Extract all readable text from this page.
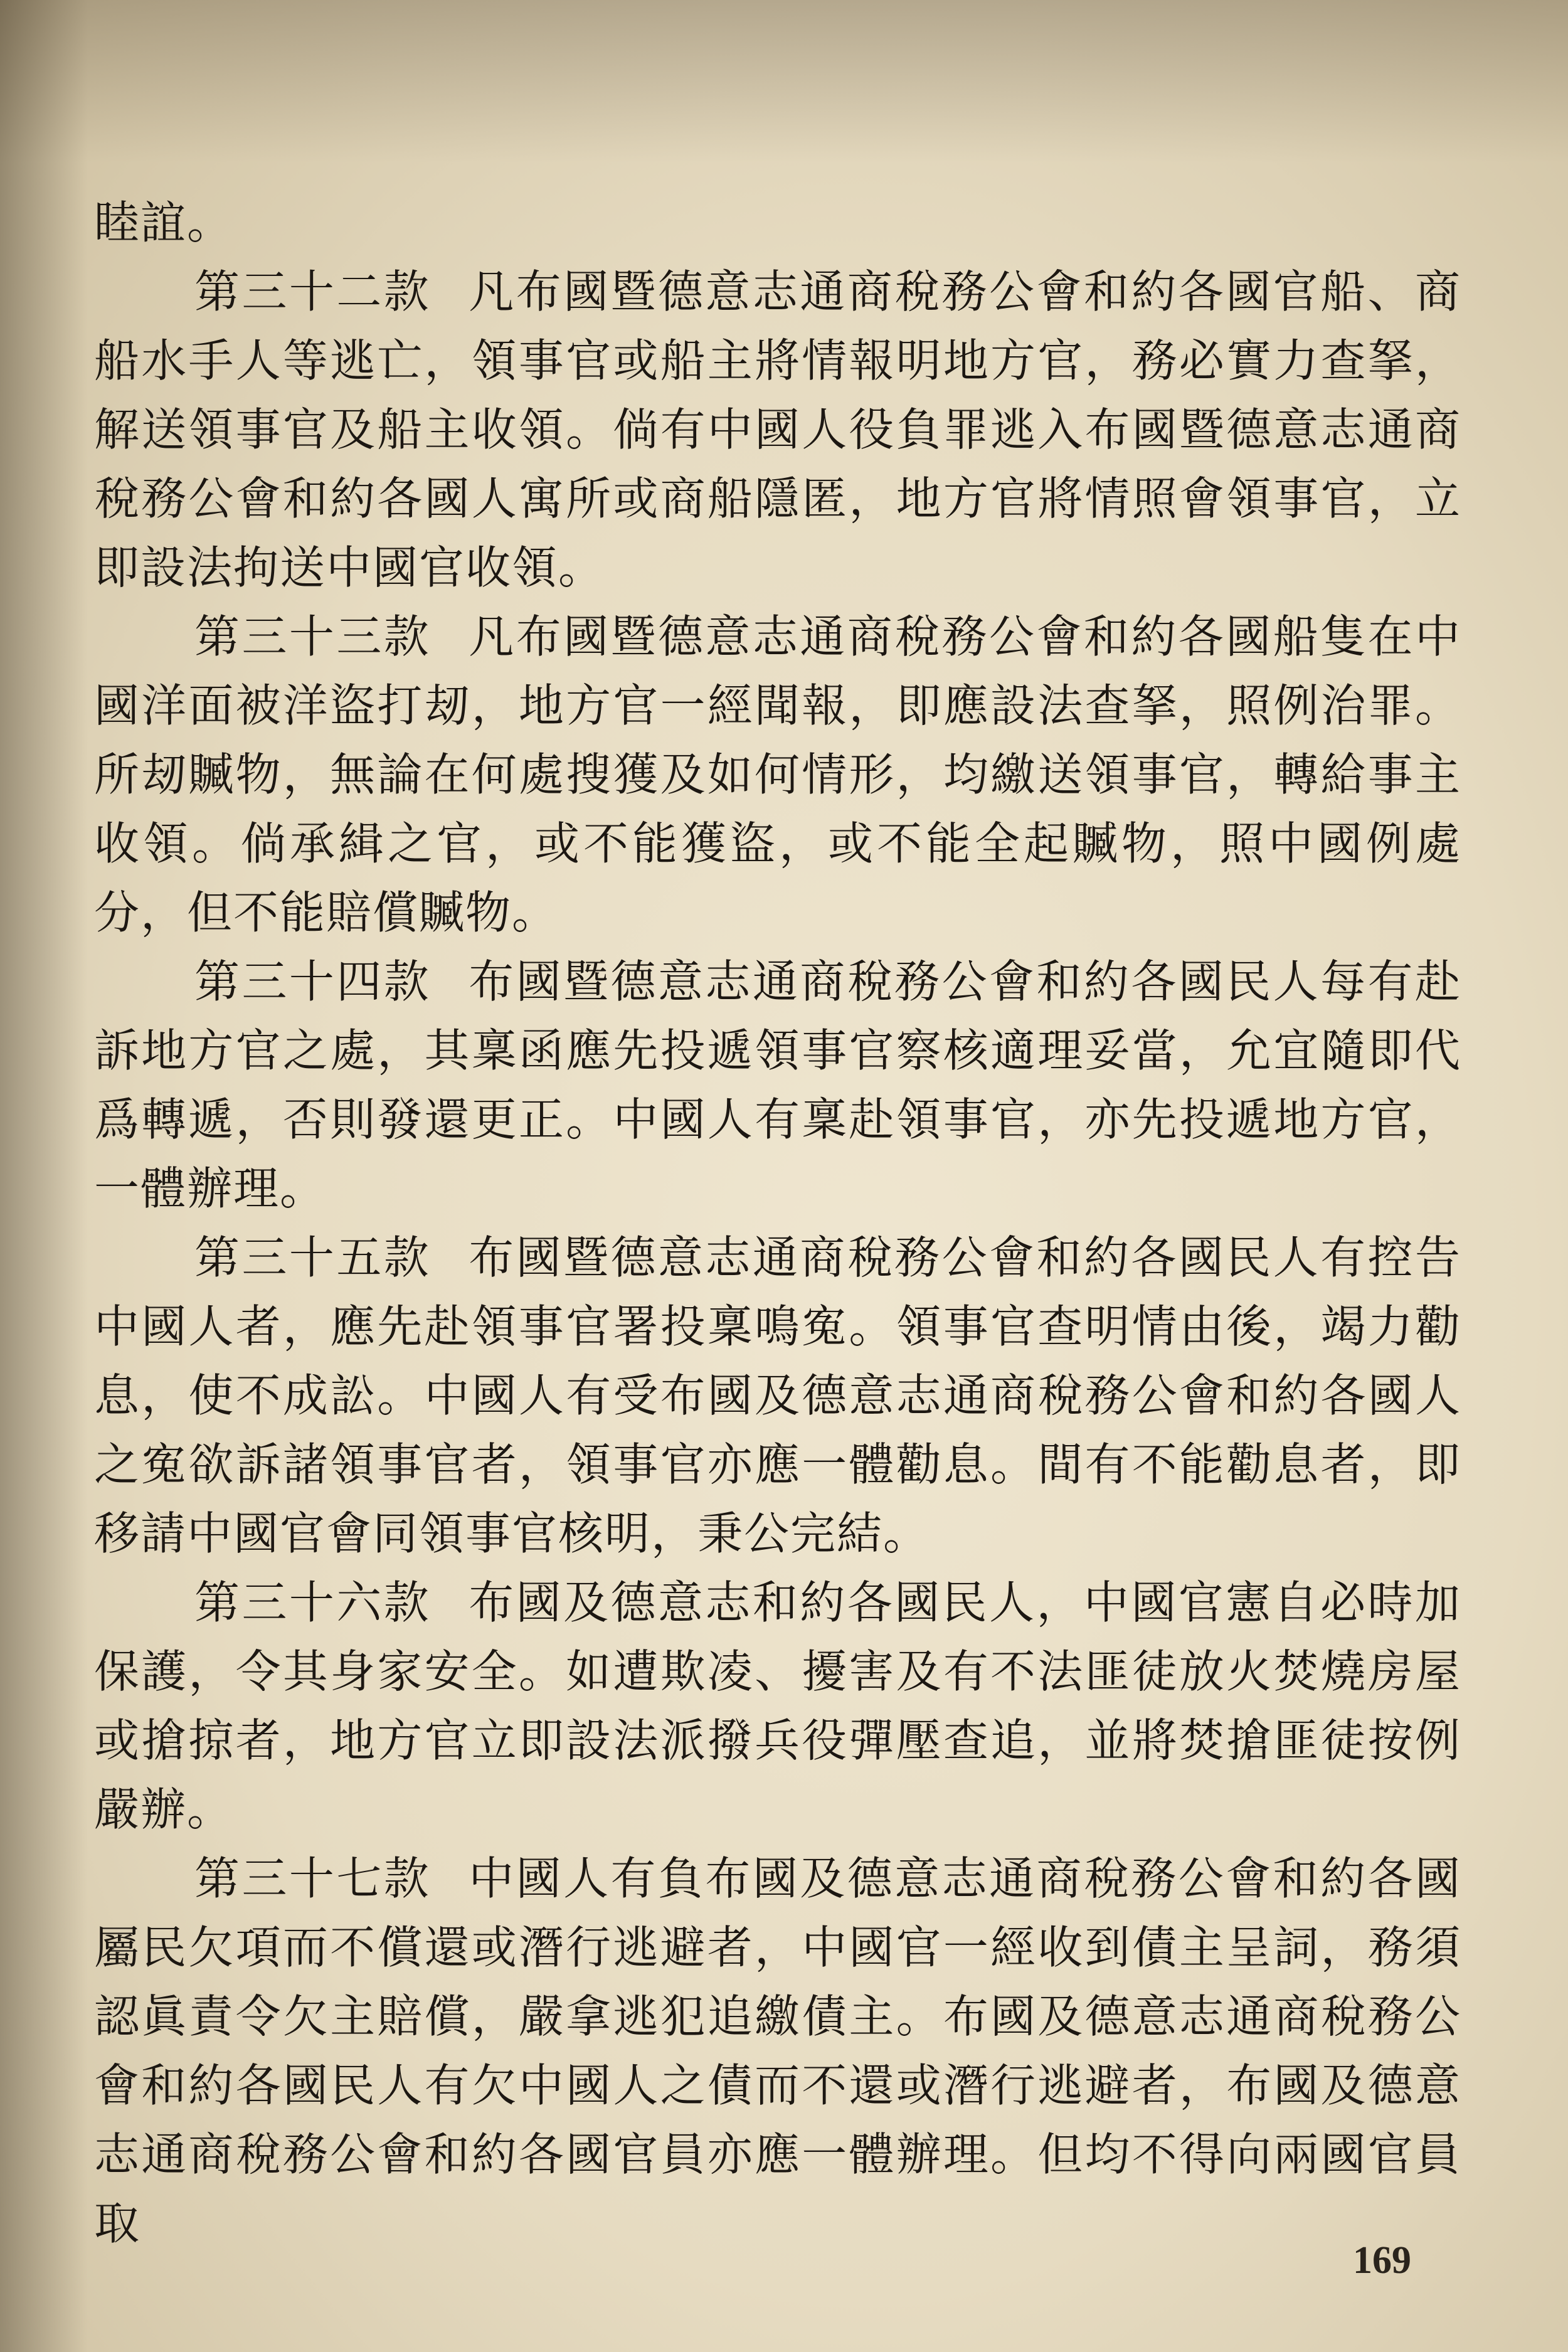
睦誼。

第三十二款 凡布國暨德意志通商稅務公會和約各國官船、商船水手人等逃亡，領事官或船主將情報明地方官，務必實力查拏，解送領事官及船主收領。倘有中國人役負罪逃入布國暨德意志通商稅務公會和約各國人寓所或商船隱匿，地方官將情照會領事官，立即設法拘送中國官收領。

第三十三款 凡布國暨德意志通商稅務公會和約各國船隻在中國洋面被洋盜打刼，地方官一經聞報，即應設法查拏，照例治罪。所刼贓物，無論在何處搜獲及如何情形，均繳送領事官，轉給事主收領。倘承緝之官，或不能獲盜，或不能全起贓物，照中國例處分，但不能賠償贓物。

第三十四款 布國暨德意志通商稅務公會和約各國民人每有赴訴地方官之處，其稟函應先投遞領事官察核適理妥當，允宜隨即代爲轉遞，否則發還更正。中國人有稟赴領事官，亦先投遞地方官，一體辦理。

第三十五款 布國暨德意志通商稅務公會和約各國民人有控告中國人者，應先赴領事官署投稟鳴寃。領事官查明情由後，竭力勸息，使不成訟。中國人有受布國及德意志通商稅務公會和約各國人之寃欲訴諸領事官者，領事官亦應一體勸息。間有不能勸息者，即移請中國官會同領事官核明，秉公完結。

第三十六款 布國及德意志和約各國民人，中國官憲自必時加保護，令其身家安全。如遭欺凌、擾害及有不法匪徒放火焚燒房屋或搶掠者，地方官立即設法派撥兵役彈壓查追，並將焚搶匪徒按例嚴辦。

第三十七款 中國人有負布國及德意志通商稅務公會和約各國屬民欠項而不償還或潛行逃避者，中國官一經收到債主呈詞，務須認眞責令欠主賠償，嚴拿逃犯追繳債主。布國及德意志通商稅務公會和約各國民人有欠中國人之債而不還或潛行逃避者，布國及德意志通商稅務公會和約各國官員亦應一體辦理。但均不得向兩國官員取

169
